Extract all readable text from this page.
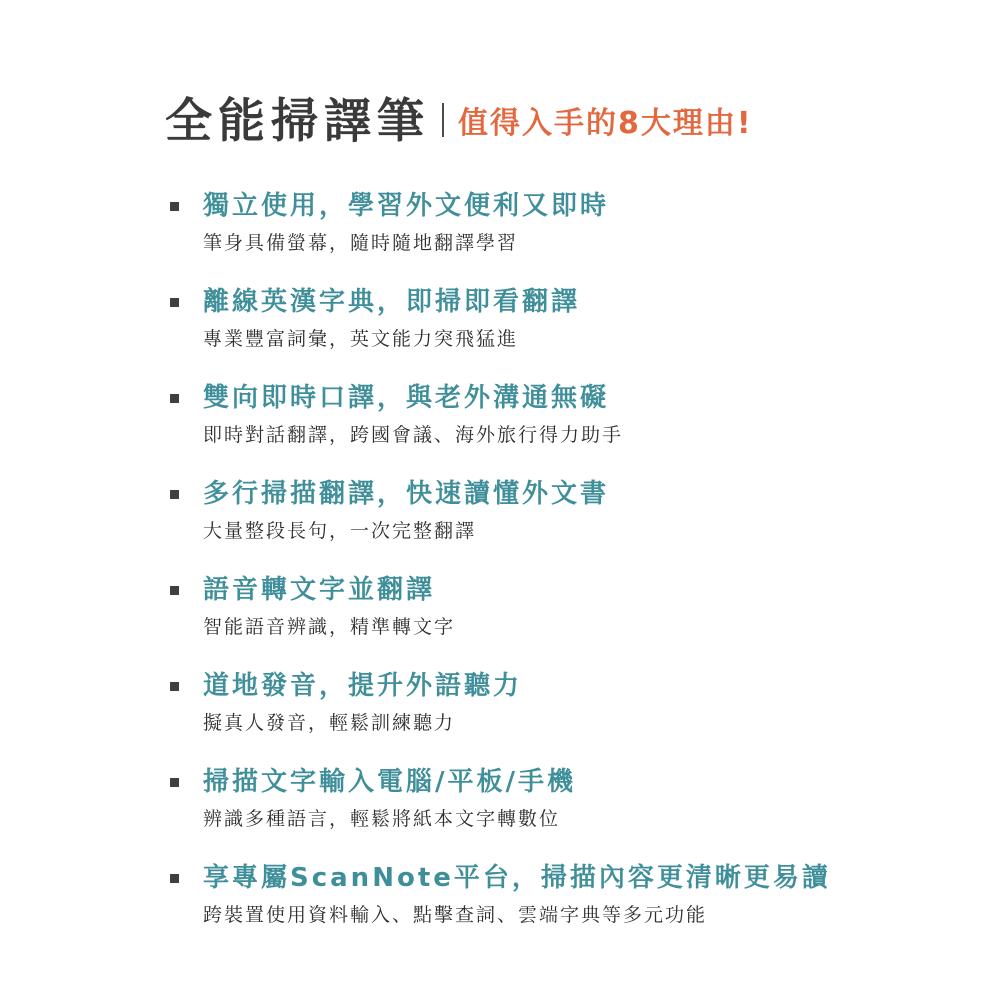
全能掃譯筆 值得入手的8大理由!
獨立使用，學習外文便利又即時
筆身具備螢幕，隨時隨地翻譯學習
離線英漢字典，即掃即看翻譯
專業豐富詞彙，英文能力突飛猛進
雙向即時口譯，與老外溝通無礙
即時對話翻譯，跨國會議、海外旅行得力助手
多行掃描翻譯，快速讀懂外文書
大量整段長句，一次完整翻譯
語音轉文字並翻譯
智能語音辨識，精準轉文字
道地發音，提升外語聽力
擬真人發音，輕鬆訓練聽力
掃描文字輸入電腦/平板/手機
辨識多種語言，輕鬆將紙本文字轉數位
享專屬ScanNote平台，掃描內容更清晰更易讀
跨裝置使用資料輸入、點擊查詞、雲端字典等多元功能
